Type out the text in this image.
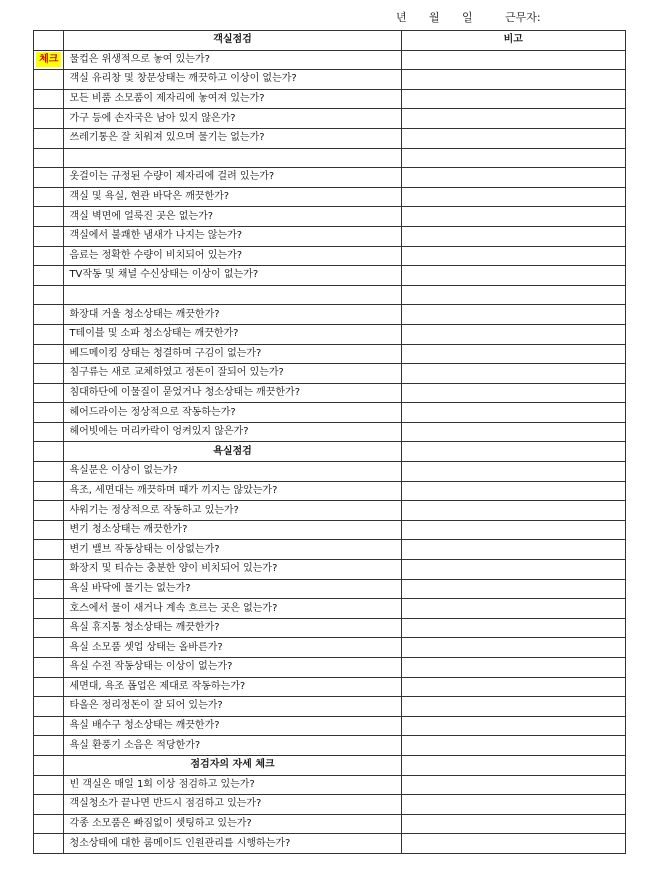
년 월 일	근무자:
	객실점검	비고
체크	물컵은 위생적으로 놓여 있는가?	
	객실 유리창 및 창문상태는 깨끗하고 이상이 없는가?	
	모든 비품 소모품이 제자리에 놓여져 있는가?	
	가구 등에 손자국은 남아 있지 않은가?	
	쓰레기통은 잘 치워져 있으며 물기는 없는가?	

	옷걸이는 규정된 수량이 제자리에 걸려 있는가?	
	객실 및 욕실, 현관 바닥은 깨끗한가?	
	객실 벽면에 얼룩진 곳은 없는가?	
	객실에서 불쾌한 냄새가 나지는 않는가?	
	음료는 정확한 수량이 비치되어 있는가?	
	TV작동 및 채널 수신상태는 이상이 없는가?	

	화장대 거울 청소상태는 깨끗한가?	
	T테이블 및 소파 청소상태는 깨끗한가?	
	베드메이킹 상태는 청결하며 구김이 없는가?	
	침구류는 새로 교체하였고 정돈이 잘되어 있는가?	
	침대하단에 이물질이 묻었거나 청소상태는 깨끗한가?	
	헤어드라이는 정상적으로 작동하는가?	
	헤어빗에는 머리카락이 엉켜있지 않은가?	
	욕실점검	
	욕실문은 이상이 없는가?	
	욕조, 세면대는 깨끗하며 때가 끼지는 않았는가?	
	샤워기는 정상적으로 작동하고 있는가?	
	변기 청소상태는 깨끗한가?	
	변기 밸브 작동상태는 이상없는가?	
	화장지 및 티슈는 충분한 양이 비치되어 있는가?	
	욕실 바닥에 물기는 없는가?	
	호스에서 물이 새거나 계속 흐르는 곳은 없는가?	
	욕실 휴지통 청소상태는 깨끗한가?	
	욕실 소모품 셋업 상태는 올바른가?	
	욕실 수전 작동상태는 이상이 없는가?	
	세면대, 욕조 폽업은 제대로 작동하는가?	
	타올은 정리정돈이 잘 되어 있는가?	
	욕실 배수구 청소상태는 깨끗한가?	
	욕실 환풍기 소음은 적당한가?	
	점검자의 자세 체크	
	빈 객실은 매일 1회 이상 점검하고 있는가?	
	객실청소가 끝나면 반드시 점검하고 있는가?	
	각종 소모품은 빠짐없이 셋팅하고 있는가?	
	청소상태에 대한 룸메이드 인원관리를 시행하는가?	
